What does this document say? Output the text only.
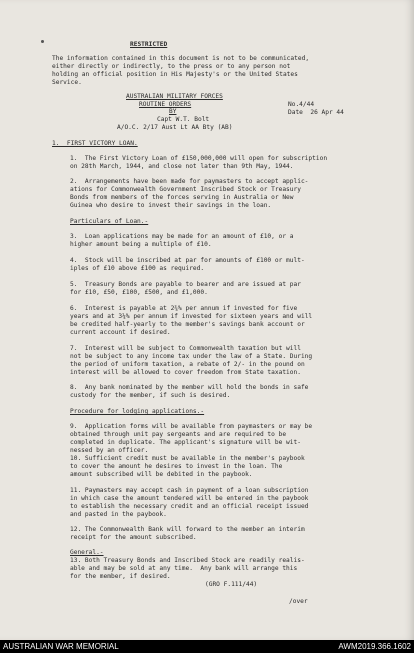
RESTRICTED
The information contained in this document is not to be communicated,
either directly or indirectly, to the press or to any person not
holding an official position in His Majesty's or the United States
Service.
AUSTRALIAN MILITARY FORCES
ROUTINE ORDERS
BY
No.4/44
Date  26 Apr 44
Capt W.T. Bolt
A/O.C. 2/17 Aust Lt AA Bty (AB)
1.  FIRST VICTORY LOAN.
1.  The First Victory Loan of £150,000,000 will open for subscription
on 28th March, 1944, and close not later than 9th May, 1944.
2.  Arrangements have been made for paymasters to accept applic-
ations for Commonwealth Government Inscribed Stock or Treasury
Bonds from members of the forces serving in Australia or New
Guinea who desire to invest their savings in the loan.
Particulars of Loan.-
3.  Loan applications may be made for an amount of £10, or a
higher amount being a multiple of £10.
4.  Stock will be inscribed at par for amounts of £100 or mult-
iples of £10 above £100 as required.
5.  Treasury Bonds are payable to bearer and are issued at par
for £10, £50, £100, £500, and £1,000.
6.  Interest is payable at 2¾% per annum if invested for five
years and at 3¼% per annum if invested for sixteen years and will
be credited half-yearly to the member's savings bank account or
current account if desired.
7.  Interest will be subject to Commonwealth taxation but will
not be subject to any income tax under the law of a State. During
the period of uniform taxation, a rebate of 2/- in the pound on
interest will be allowed to cover freedom from State taxation.
8.  Any bank nominated by the member will hold the bonds in safe
custody for the member, if such is desired.
Procedure for lodging applications.-
9.  Application forms will be available from paymasters or may be
obtained through unit pay sergeants and are required to be
completed in duplicate. The applicant's signature will be wit-
nessed by an officer.
10. Sufficient credit must be available in the member's paybook
to cover the amount he desires to invest in the loan. The
amount subscribed will be debited in the paybook.
11. Paymasters may accept cash in payment of a loan subscription
in which case the amount tendered will be entered in the paybook
to establish the necessary credit and an official receipt issued
and pasted in the paybook.
12. The Commonwealth Bank will forward to the member an interim
receipt for the amount subscribed.
General.-
13. Both Treasury Bonds and Inscribed Stock are readily realis-
able and may be sold at any time.  Any bank will arrange this
for the member, if desired.
(GRO F.111/44)
/over
AUSTRALIAN WAR MEMORIAL	AWM2019.366.1602
